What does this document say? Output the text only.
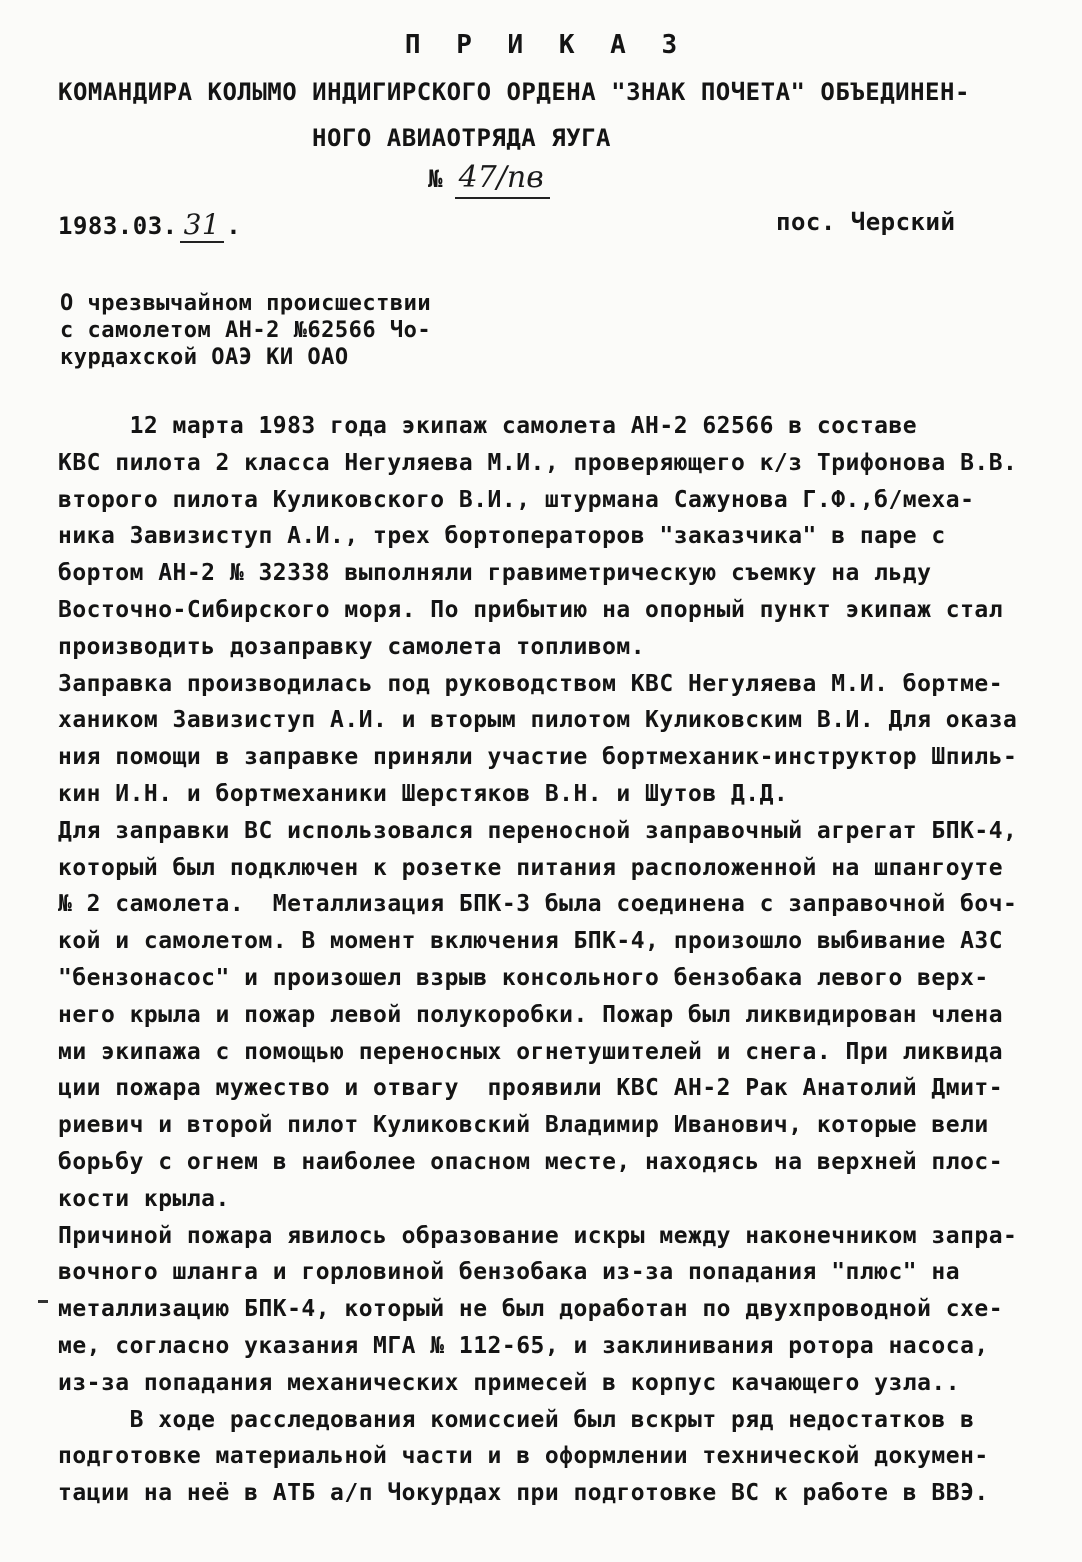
П Р И К А З
КОМАНДИРА КОЛЫМО ИНДИГИРСКОГО ОРДЕНА "ЗНАК ПОЧЕТА" ОБЪЕДИНЕН-
НОГО АВИАОТРЯДА ЯУГА
№ 47/пв
1983.03. 31 .	пос. Черский
О чрезвычайном происшествии
с самолетом АН-2 №62566 Чо-
курдахской ОАЭ КИ ОАО
12 марта 1983 года экипаж самолета АН-2 62566 в составе
КВС пилота 2 класса Негуляева М.И., проверяющего к/з Трифонова В.В.
второго пилота Куликовского В.И., штурмана Сажунова Г.Ф.,б/меха-
ника Завизиступ А.И., трех бортоператоров "заказчика" в паре с
бортом АН-2 № 32338 выполняли гравиметрическую съемку на льду
Восточно-Сибирского моря. По прибытию на опорный пункт экипаж стал
производить дозаправку самолета топливом.
Заправка производилась под руководством КВС Негуляева М.И. бортме-
хаником Завизиступ А.И. и вторым пилотом Куликовским В.И. Для оказа
ния помощи в заправке приняли участие бортмеханик-инструктор Шпиль-
кин И.Н. и бортмеханики Шерстяков В.Н. и Шутов Д.Д.
Для заправки ВС использовался переносной заправочный агрегат БПК-4,
который был подключен к розетке питания расположенной на шпангоуте
№ 2 самолета.  Металлизация БПК-3 была соединена с заправочной боч-
кой и самолетом. В момент включения БПК-4, произошло выбивание АЗС
"бензонасос" и произошел взрыв консольного бензобака левого верх-
него крыла и пожар левой полукоробки. Пожар был ликвидирован члена
ми экипажа с помощью переносных огнетушителей и снега. При ликвида
ции пожара мужество и отвагу  проявили КВС АН-2 Рак Анатолий Дмит-
риевич и второй пилот Куликовский Владимир Иванович, которые вели
борьбу с огнем в наиболее опасном месте, находясь на верхней плос-
кости крыла.
Причиной пожара явилось образование искры между наконечником запра-
вочного шланга и горловиной бензобака из-за попадания "плюс" на
металлизацию БПК-4, который не был доработан по двухпроводной схе-
ме, согласно указания МГА № 112-65, и заклинивания ротора насоса,
из-за попадания механических примесей в корпус качающего узла..
В ходе расследования комиссией был вскрыт ряд недостатков в
подготовке материальной части и в оформлении технической докумен-
тации на неё в АТБ а/п Чокурдах при подготовке ВС к работе в ВВЭ.
